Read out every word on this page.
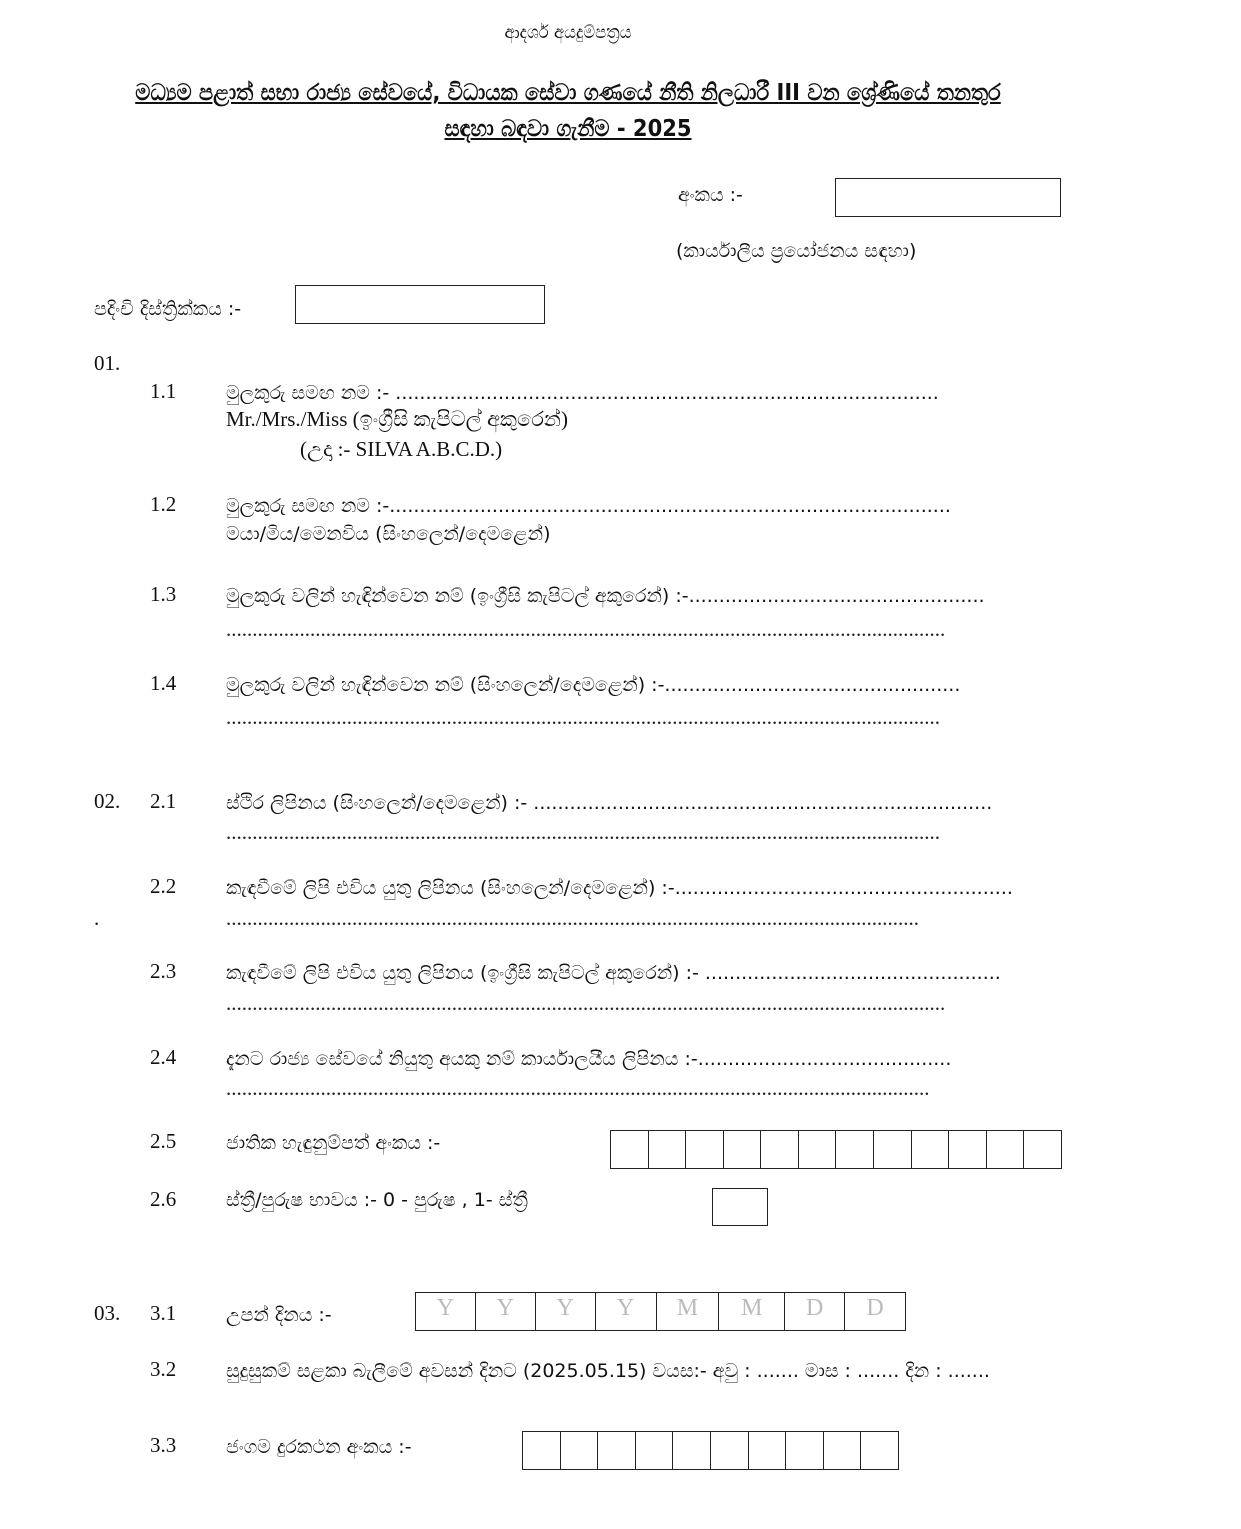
ආදර්ශ අයදුම්පත්‍රය
මධ්‍යම පළාත් සභා රාජ්‍ය සේවයේ, විධායක සේවා ගණයේ නීති නිලධාරී III වන ශ්‍රේණියේ තනතුර
සඳහා බඳවා ගැනීම - 2025
අංකය :-
(කාර්යාලීය ප්‍රයෝජනය සඳහා)
පදිංචි දිස්ත්‍රික්කය :-
01.
1.1	මුලකුරු සමඟ නම :- ..........................................................................................
Mr./Mrs./Miss (ඉංග්‍රීසි කැපිටල් අකුරෙන්)
(උදා :- SILVA A.B.C.D.)
1.2	මුලකුරු සමඟ නම :-.............................................................................................
මයා/මිය/මෙනවිය (සිංහලෙන්/දෙමළෙන්)
1.3	මුලකුරු වලින් හැඳින්වෙන නම් (ඉංග්‍රීසි කැපිටල් අකුරෙන්) :-.................................................
.........................................................................................................................................
1.4	මුලකුරු වලින් හැඳින්වෙන නම් (සිංහලෙන්/දෙමළෙන්) :-.................................................
........................................................................................................................................
02. 2.1	ස්ථිර ලිපිනය (සිංහලෙන්/දෙමළෙන්) :- ............................................................................
........................................................................................................................................
2.2	කැඳවීමේ ලිපි එවිය යුතු ලිපිනය (සිංහලෙන්/දෙමළෙන්) :-........................................................
.	....................................................................................................................................
2.3	කැඳවීමේ ලිපි එවිය යුතු ලිපිනය (ඉංග්‍රීසි කැපිටල් අකුරෙන්) :- .................................................
.........................................................................................................................................
2.4	දැනට රාජ්‍ය සේවයේ නියුතු අයකු නම් කාර්යාලයීය ලිපිනය :-..........................................
......................................................................................................................................
2.5	ජාතික හැඳුනුම්පත් අංකය :-
2.6	ස්ත්‍රී/පුරුෂ භාවය :- 0 - පුරුෂ , 1- ස්ත්‍රී
03. 3.1	උපන් දිනය :-	Y	Y	Y	Y	M	M	D	D
3.2	සුදුසුකම් සළකා බැලීමේ අවසන් දිනට (2025.05.15) වයස:- අවු : ....... මාස : ....... දින : .......
3.3	ජංගම දුරකථන අංකය :-
